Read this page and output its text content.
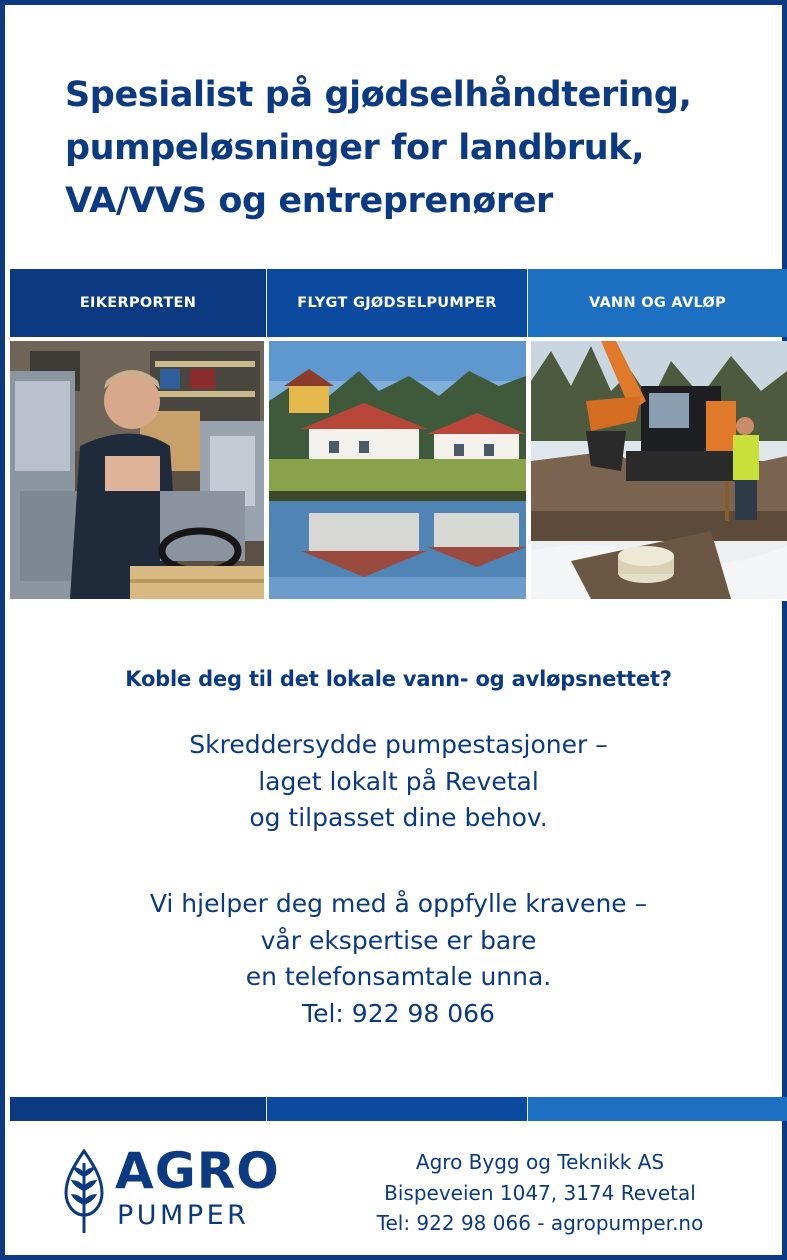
Spesialist på gjødselhåndtering,
pumpeløsninger for landbruk,
VA/VVS og entreprenører
EIKERPORTEN	FLYGT GJØDSELPUMPER	VANN OG AVLØP
Koble deg til det lokale vann- og avløpsnettet?

Skreddersydde pumpestasjoner –
laget lokalt på Revetal
og tilpasset dine behov.

Vi hjelper deg med å oppfylle kravene –
vår ekspertise er bare
en telefonsamtale unna.
Tel: 922 98 066

AGRO
PUMPER

Agro Bygg og Teknikk AS
Bispeveien 1047, 3174 Revetal
Tel: 922 98 066 - agropumper.no
